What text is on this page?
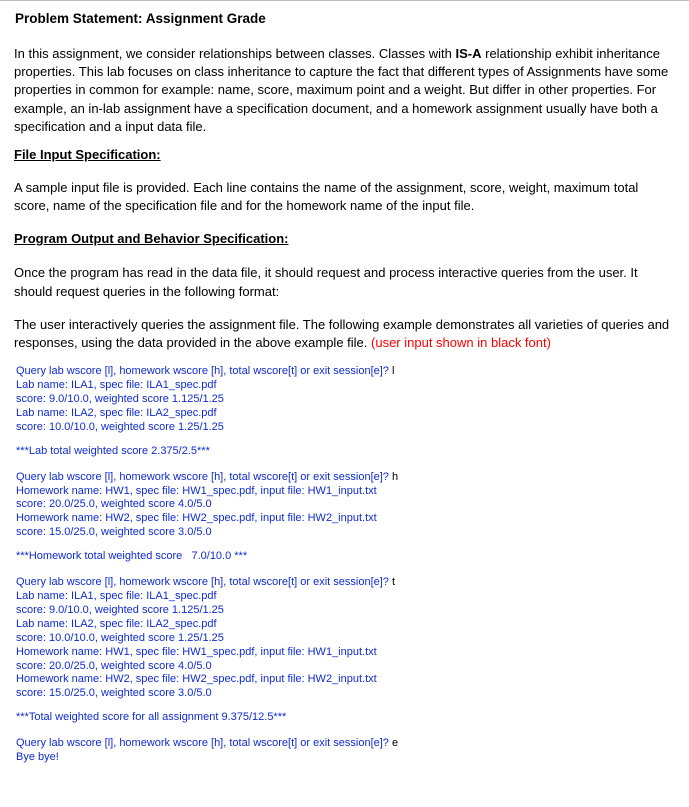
Problem Statement: Assignment Grade

In this assignment, we consider relationships between classes. Classes with IS-A relationship exhibit inheritance properties. This lab focuses on class inheritance to capture the fact that different types of Assignments have some properties in common for example: name, score, maximum point and a weight. But differ in other properties. For example, an in-lab assignment have a specification document, and a homework assignment usually have both a specification and a input data file.

File Input Specification:

A sample input file is provided. Each line contains the name of the assignment, score, weight, maximum total score, name of the specification file and for the homework name of the input file.

Program Output and Behavior Specification:

Once the program has read in the data file, it should request and process interactive queries from the user. It should request queries in the following format:

The user interactively queries the assignment file. The following example demonstrates all varieties of queries and responses, using the data provided in the above example file. (user input shown in black font)

Query lab wscore [l], homework wscore [h], total wscore[t] or exit session[e]? l
Lab name: ILA1, spec file: ILA1_spec.pdf
score: 9.0/10.0, weighted score 1.125/1.25
Lab name: ILA2, spec file: ILA2_spec.pdf
score: 10.0/10.0, weighted score 1.25/1.25
***Lab total weighted score 2.375/2.5***
Query lab wscore [l], homework wscore [h], total wscore[t] or exit session[e]? h
Homework name: HW1, spec file: HW1_spec.pdf, input file: HW1_input.txt
score: 20.0/25.0, weighted score 4.0/5.0
Homework name: HW2, spec file: HW2_spec.pdf, input file: HW2_input.txt
score: 15.0/25.0, weighted score 3.0/5.0
***Homework total weighted score   7.0/10.0 ***
Query lab wscore [l], homework wscore [h], total wscore[t] or exit session[e]? t
Lab name: ILA1, spec file: ILA1_spec.pdf
score: 9.0/10.0, weighted score 1.125/1.25
Lab name: ILA2, spec file: ILA2_spec.pdf
score: 10.0/10.0, weighted score 1.25/1.25
Homework name: HW1, spec file: HW1_spec.pdf, input file: HW1_input.txt
score: 20.0/25.0, weighted score 4.0/5.0
Homework name: HW2, spec file: HW2_spec.pdf, input file: HW2_input.txt
score: 15.0/25.0, weighted score 3.0/5.0
***Total weighted score for all assignment 9.375/12.5***
Query lab wscore [l], homework wscore [h], total wscore[t] or exit session[e]? e
Bye bye!
